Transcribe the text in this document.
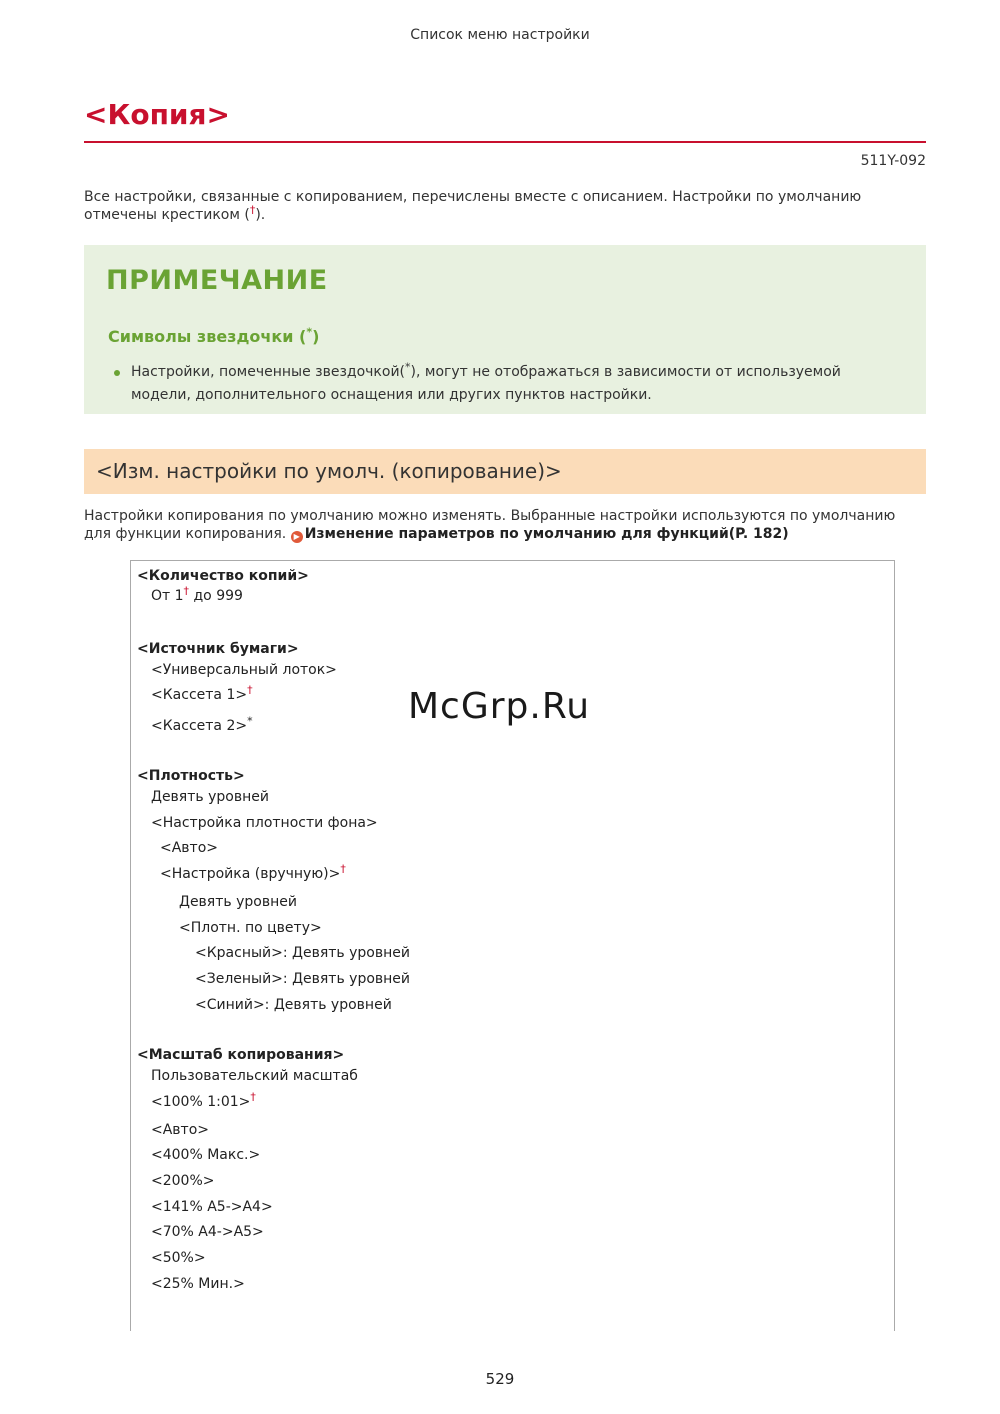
Список меню настройки
<Копия>
511Y-092
Все настройки, связанные с копированием, перечислены вместе с описанием. Настройки по умолчанию
отмечены крестиком (†).
ПРИМЕЧАНИЕ
Символы звездочки (*)
Настройки, помеченные звездочкой(*), могут не отображаться в зависимости от используемой
модели, дополнительного оснащения или других пунктов настройки.
<Изм. настройки по умолч. (копирование)>
Настройки копирования по умолчанию можно изменять. Выбранные настройки используются по умолчанию
для функции копирования. ▶ Изменение параметров по умолчанию для функций(P. 182)
<Количество копий>
От 1† до 999
<Источник бумаги>
<Универсальный лоток>
<Кассета 1>†
<Кассета 2>*
<Плотность>
Девять уровней
<Настройка плотности фона>
<Авто>
<Настройка (вручную)>†
Девять уровней
<Плотн. по цвету>
<Красный>: Девять уровней
<Зеленый>: Девять уровней
<Синий>: Девять уровней
<Масштаб копирования>
Пользовательский масштаб
<100% 1:01>†
<Авто>
<400% Макс.>
<200%>
<141% A5->A4>
<70% A4->A5>
<50%>
<25% Мин.>
McGrp.Ru
529
